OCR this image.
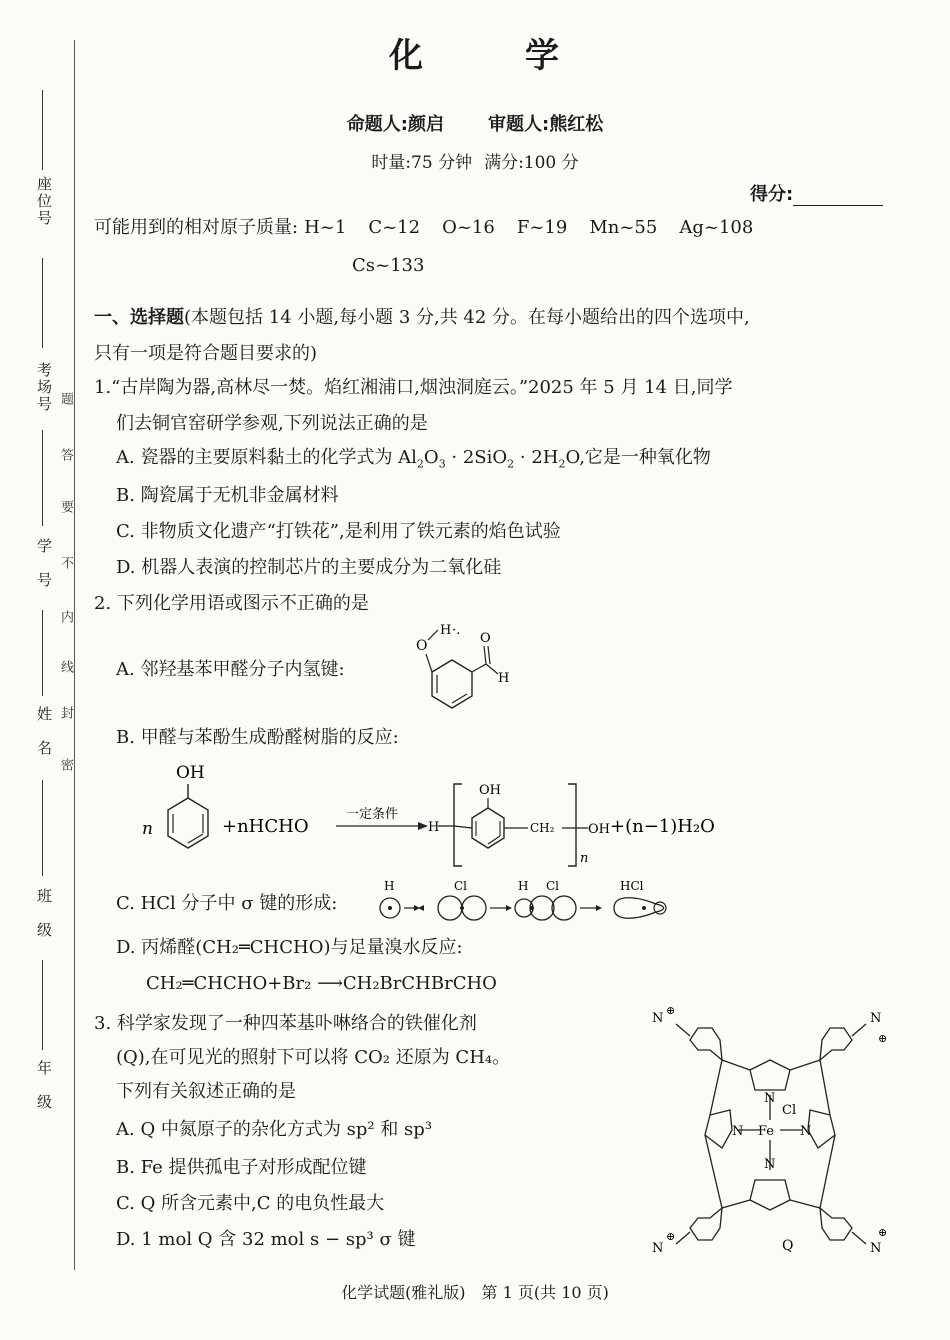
座位号
考场号
学　号
姓　名
班　级
年　级
密
封
线
内
不
要
答
题
化	学
命题人:颜启 审题人:熊红松
时量:75 分钟 满分:100 分
得分:
可能用到的相对原子质量: H~1 C~12 O~16 F~19 Mn~55 Ag~108
Cs~133
一、选择题(本题包括 14 小题,每小题 3 分,共 42 分。在每小题给出的四个选项中,
只有一项是符合题目要求的)
1.“古岸陶为器,高林尽一焚。焰红湘浦口,烟浊洞庭云。”2025 年 5 月 14 日,同学
们去铜官窑研学参观,下列说法正确的是
A. 瓷器的主要原料黏土的化学式为 $Al_2O_3 \cdot 2SiO_2 \cdot 2H_2O$,它是一种氧化物
B. 陶瓷属于无机非金属材料
C. 非物质文化遗产“打铁花”,是利用了铁元素的焰色试验
D. 机器人表演的控制芯片的主要成分为二氧化硅
2. 下列化学用语或图示不正确的是
A. 邻羟基苯甲醛分子内氢键:
O
H ·.
O
H
B. 甲醛与苯酚生成酚醛树脂的反应:
OH
n	+nHCHO
一定条件
H
n
OH
CH₂	OH +(n−1)H₂O
C. HCl 分子中 σ 键的形成:
H	Cl	H Cl	HCl
D. 丙烯醛(CH₂═CHCHO)与足量溴水反应:
CH₂═CHCHO+Br₂ ⟶CH₂BrCHBrCHO
3. 科学家发现了一种四苯基卟啉络合的铁催化剂
(Q),在可见光的照射下可以将 CO₂ 还原为 CH₄。
下列有关叙述正确的是
A. Q 中氮原子的杂化方式为 sp² 和 sp³
B. Fe 提供孤电子对形成配位键
C. Q 所含元素中,C 的电负性最大
D. 1 mol Q 含 32 mol s − sp³ σ 键
N
N
N	N
Fe
Cl
N
⊕
N
⊕
N
⊕
N
⊕
Q
化学试题(雅礼版)　第 1 页(共 10 页)
